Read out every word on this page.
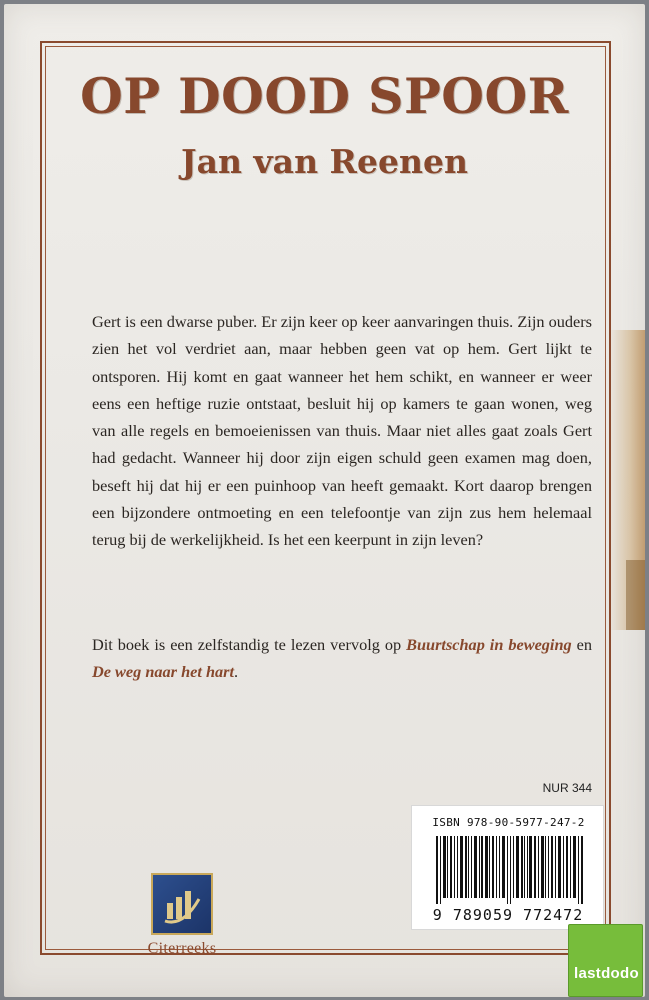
OP DOOD SPOOR
Jan van Reenen

Gert is een dwarse puber. Er zijn keer op keer aanvaringen thuis. Zijn ouders zien het vol verdriet aan, maar hebben geen vat op hem. Gert lijkt te ontsporen. Hij komt en gaat wanneer het hem schikt, en wanneer er weer eens een heftige ruzie ontstaat, besluit hij op kamers te gaan wonen, weg van alle regels en bemoeienissen van thuis. Maar niet alles gaat zoals Gert had gedacht. Wanneer hij door zijn eigen schuld geen examen mag doen, beseft hij dat hij er een puinhoop van heeft gemaakt. Kort daarop brengen een bijzondere ontmoeting en een telefoontje van zijn zus hem helemaal terug bij de werkelijkheid. Is het een keerpunt in zijn leven?

Dit boek is een zelfstandig te lezen vervolg op Buurtschap in beweging en De weg naar het hart.

NUR 344
ISBN 978-90-5977-247-2
9 789059 772472
Citerreeks
lastdodo
